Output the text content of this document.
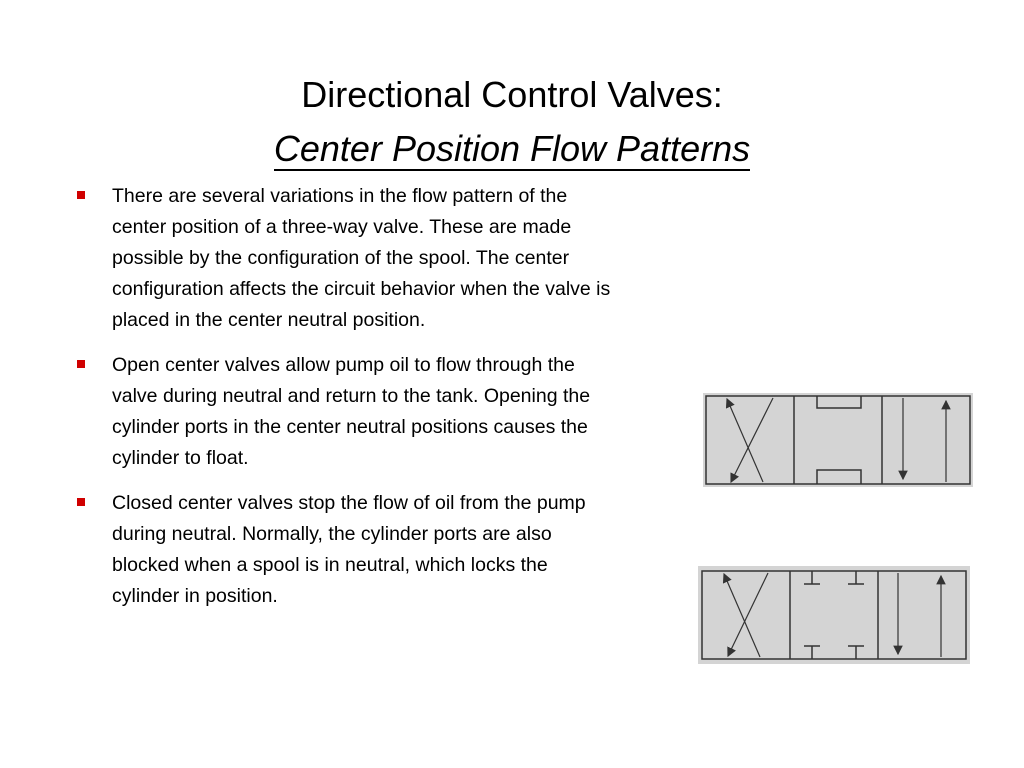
Directional Control Valves:
Center Position Flow Patterns
There are several variations in the flow pattern of the center position of a three-way valve. These are made possible by the configuration of the spool. The center configuration affects the circuit behavior when the valve is placed in the center neutral position.
Open center valves allow pump oil to flow through the valve during neutral and return to the tank. Opening the cylinder ports in the center neutral positions causes the cylinder to float.
Closed center valves stop the flow of oil from the pump during neutral. Normally, the cylinder ports are also blocked when a spool is in neutral, which locks the cylinder in position.
